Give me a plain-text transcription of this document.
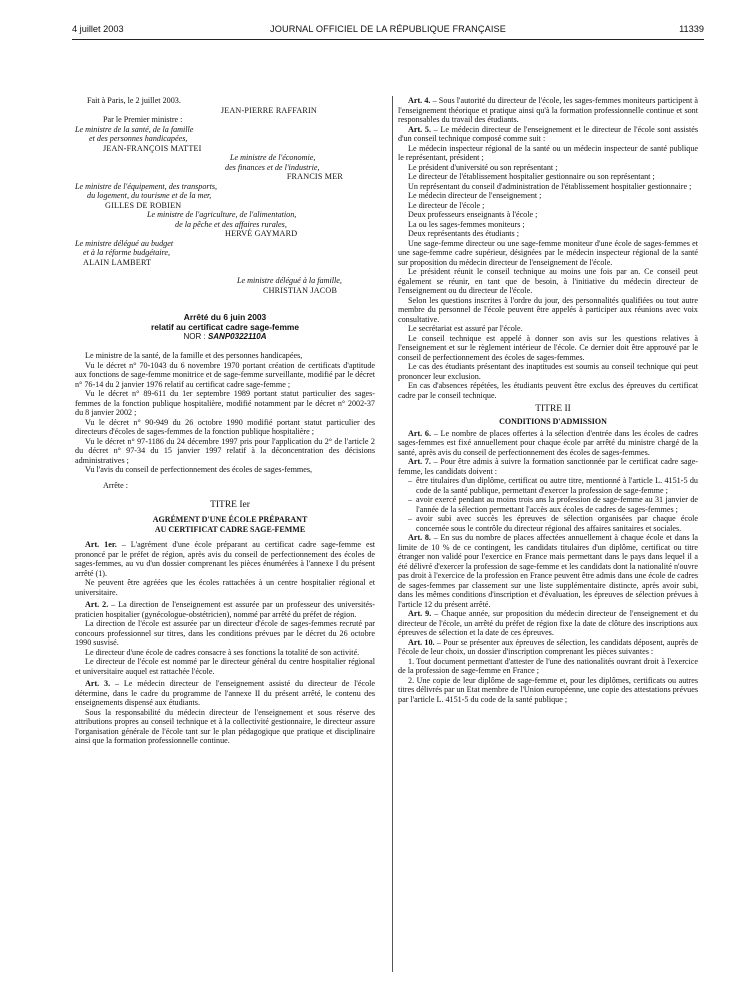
4 juillet 2003	JOURNAL OFFICIEL DE LA RÉPUBLIQUE FRANÇAISE	11339

Fait à Paris, le 2 juillet 2003.

JEAN-PIERRE RAFFARIN

Par le Premier ministre :

Le ministre de la santé, de la famille

et des personnes handicapées,

JEAN-FRANÇOIS MATTEI

Le ministre de l'économie,

des finances et de l'industrie,

FRANCIS MER

Le ministre de l'équipement, des transports,

du logement, du tourisme et de la mer,

GILLES DE ROBIEN

Le ministre de l'agriculture, de l'alimentation,

de la pêche et des affaires rurales,

HERVÉ GAYMARD

Le ministre délégué au budget

et à la réforme budgétaire,

ALAIN LAMBERT

Le ministre délégué à la famille,

CHRISTIAN JACOB

Arrêté du 6 juin 2003
relatif au certificat cadre sage-femme
NOR : SANP0322110A

Le ministre de la santé, de la famille et des personnes handicapées,

Vu le décret n° 70-1043 du 6 novembre 1970 portant création de certificats d'aptitude aux fonctions de sage-femme monitrice et de sage-femme surveillante, modifié par le décret n° 76-14 du 2 janvier 1976 relatif au certificat cadre sage-femme ;

Vu le décret n° 89-611 du 1er septembre 1989 portant statut particulier des sages-femmes de la fonction publique hospitalière, modifié notamment par le décret n° 2002-37 du 8 janvier 2002 ;

Vu le décret n° 90-949 du 26 octobre 1990 modifié portant statut particulier des directeurs d'écoles de sages-femmes de la fonction publique hospitalière ;

Vu le décret n° 97-1186 du 24 décembre 1997 pris pour l'application du 2° de l'article 2 du décret n° 97-34 du 15 janvier 1997 relatif à la déconcentration des décisions administratives ;

Vu l'avis du conseil de perfectionnement des écoles de sages-femmes,

Arrête :

TITRE Ier

AGRÉMENT D'UNE ÉCOLE PRÉPARANT

AU CERTIFICAT CADRE SAGE-FEMME

Art. 1er. – L'agrément d'une école préparant au certificat cadre sage-femme est prononcé par le préfet de région, après avis du conseil de perfectionnement des écoles de sages-femmes, au vu d'un dossier comprenant les pièces énumérées à l'annexe I du présent arrêté (1).

Ne peuvent être agréées que les écoles rattachées à un centre hospitalier régional et universitaire.

Art. 2. – La direction de l'enseignement est assurée par un professeur des universités-praticien hospitalier (gynécologue-obstétricien), nommé par arrêté du préfet de région.

La direction de l'école est assurée par un directeur d'école de sages-femmes recruté par concours professionnel sur titres, dans les conditions prévues par le décret du 26 octobre 1990 susvisé.

Le directeur d'une école de cadres consacre à ses fonctions la totalité de son activité.

Le directeur de l'école est nommé par le directeur général du centre hospitalier régional et universitaire auquel est rattachée l'école.

Art. 3. – Le médecin directeur de l'enseignement assisté du directeur de l'école détermine, dans le cadre du programme de l'annexe II du présent arrêté, le contenu des enseignements dispensé aux étudiants.

Sous la responsabilité du médecin directeur de l'enseignement et sous réserve des attributions propres au conseil technique et à la collectivité gestionnaire, le directeur assure l'organisation générale de l'école tant sur le plan pédagogique que pratique et disciplinaire ainsi que la formation professionnelle continue.

Art. 4. – Sous l'autorité du directeur de l'école, les sages-femmes moniteurs participent à l'enseignement théorique et pratique ainsi qu'à la formation professionnelle continue et sont responsables du travail des étudiants.

Art. 5. – Le médecin directeur de l'enseignement et le directeur de l'école sont assistés d'un conseil technique composé comme suit :

Le médecin inspecteur régional de la santé ou un médecin inspecteur de santé publique le représentant, président ;

Le président d'université ou son représentant ;

Le directeur de l'établissement hospitalier gestionnaire ou son représentant ;

Un représentant du conseil d'administration de l'établissement hospitalier gestionnaire ;

Le médecin directeur de l'enseignement ;

Le directeur de l'école ;

Deux professeurs enseignants à l'école ;

La ou les sages-femmes moniteurs ;

Deux représentants des étudiants ;

Une sage-femme directeur ou une sage-femme moniteur d'une école de sages-femmes et une sage-femme cadre supérieur, désignées par le médecin inspecteur régional de la santé sur proposition du médecin directeur de l'enseignement de l'école.

Le président réunit le conseil technique au moins une fois par an. Ce conseil peut également se réunir, en tant que de besoin, à l'initiative du médecin directeur de l'enseignement ou du directeur de l'école.

Selon les questions inscrites à l'ordre du jour, des personnalités qualifiées ou tout autre membre du personnel de l'école peuvent être appelés à participer aux réunions avec voix consultative.

Le secrétariat est assuré par l'école.

Le conseil technique est appelé à donner son avis sur les questions relatives à l'enseignement et sur le règlement intérieur de l'école. Ce dernier doit être approuvé par le conseil de perfectionnement des écoles de sages-femmes.

Le cas des étudiants présentant des inaptitudes est soumis au conseil technique qui peut prononcer leur exclusion.

En cas d'absences répétées, les étudiants peuvent être exclus des épreuves du certificat cadre par le conseil technique.

TITRE II

CONDITIONS D'ADMISSION

Art. 6. – Le nombre de places offertes à la sélection d'entrée dans les écoles de cadres sages-femmes est fixé annuellement pour chaque école par arrêté du ministre chargé de la santé, après avis du conseil de perfectionnement des écoles de sages-femmes.

Art. 7. – Pour être admis à suivre la formation sanctionnée par le certificat cadre sage-femme, les candidats doivent :

– être titulaires d'un diplôme, certificat ou autre titre, mentionné à l'article L. 4151-5 du code de la santé publique, permettant d'exercer la profession de sage-femme ;
– avoir exercé pendant au moins trois ans la profession de sage-femme au 31 janvier de l'année de la sélection permettant l'accès aux écoles de cadres de sages-femmes ;
– avoir subi avec succès les épreuves de sélection organisées par chaque école concernée sous le contrôle du directeur régional des affaires sanitaires et sociales.

Art. 8. – En sus du nombre de places affectées annuellement à chaque école et dans la limite de 10 % de ce contingent, les candidats titulaires d'un diplôme, certificat ou titre étranger non validé pour l'exercice en France mais permettant dans le pays dans lequel il a été délivré d'exercer la profession de sage-femme et les candidats dont la nationalité n'ouvre pas droit à l'exercice de la profession en France peuvent être admis dans une école de cadres de sages-femmes par classement sur une liste supplémentaire distincte, après avoir subi, dans les mêmes conditions d'inscription et d'évaluation, les épreuves de sélection prévues à l'article 12 du présent arrêté.

Art. 9. – Chaque année, sur proposition du médecin directeur de l'enseignement et du directeur de l'école, un arrêté du préfet de région fixe la date de clôture des inscriptions aux épreuves de sélection et la date de ces épreuves.

Art. 10. – Pour se présenter aux épreuves de sélection, les candidats déposent, auprès de l'école de leur choix, un dossier d'inscription comprenant les pièces suivantes :

1. Tout document permettant d'attester de l'une des nationalités ouvrant droit à l'exercice de la profession de sage-femme en France ;

2. Une copie de leur diplôme de sage-femme et, pour les diplômes, certificats ou autres titres délivrés par un Etat membre de l'Union européenne, une copie des attestations prévues par l'article L. 4151-5 du code de la santé publique ;
